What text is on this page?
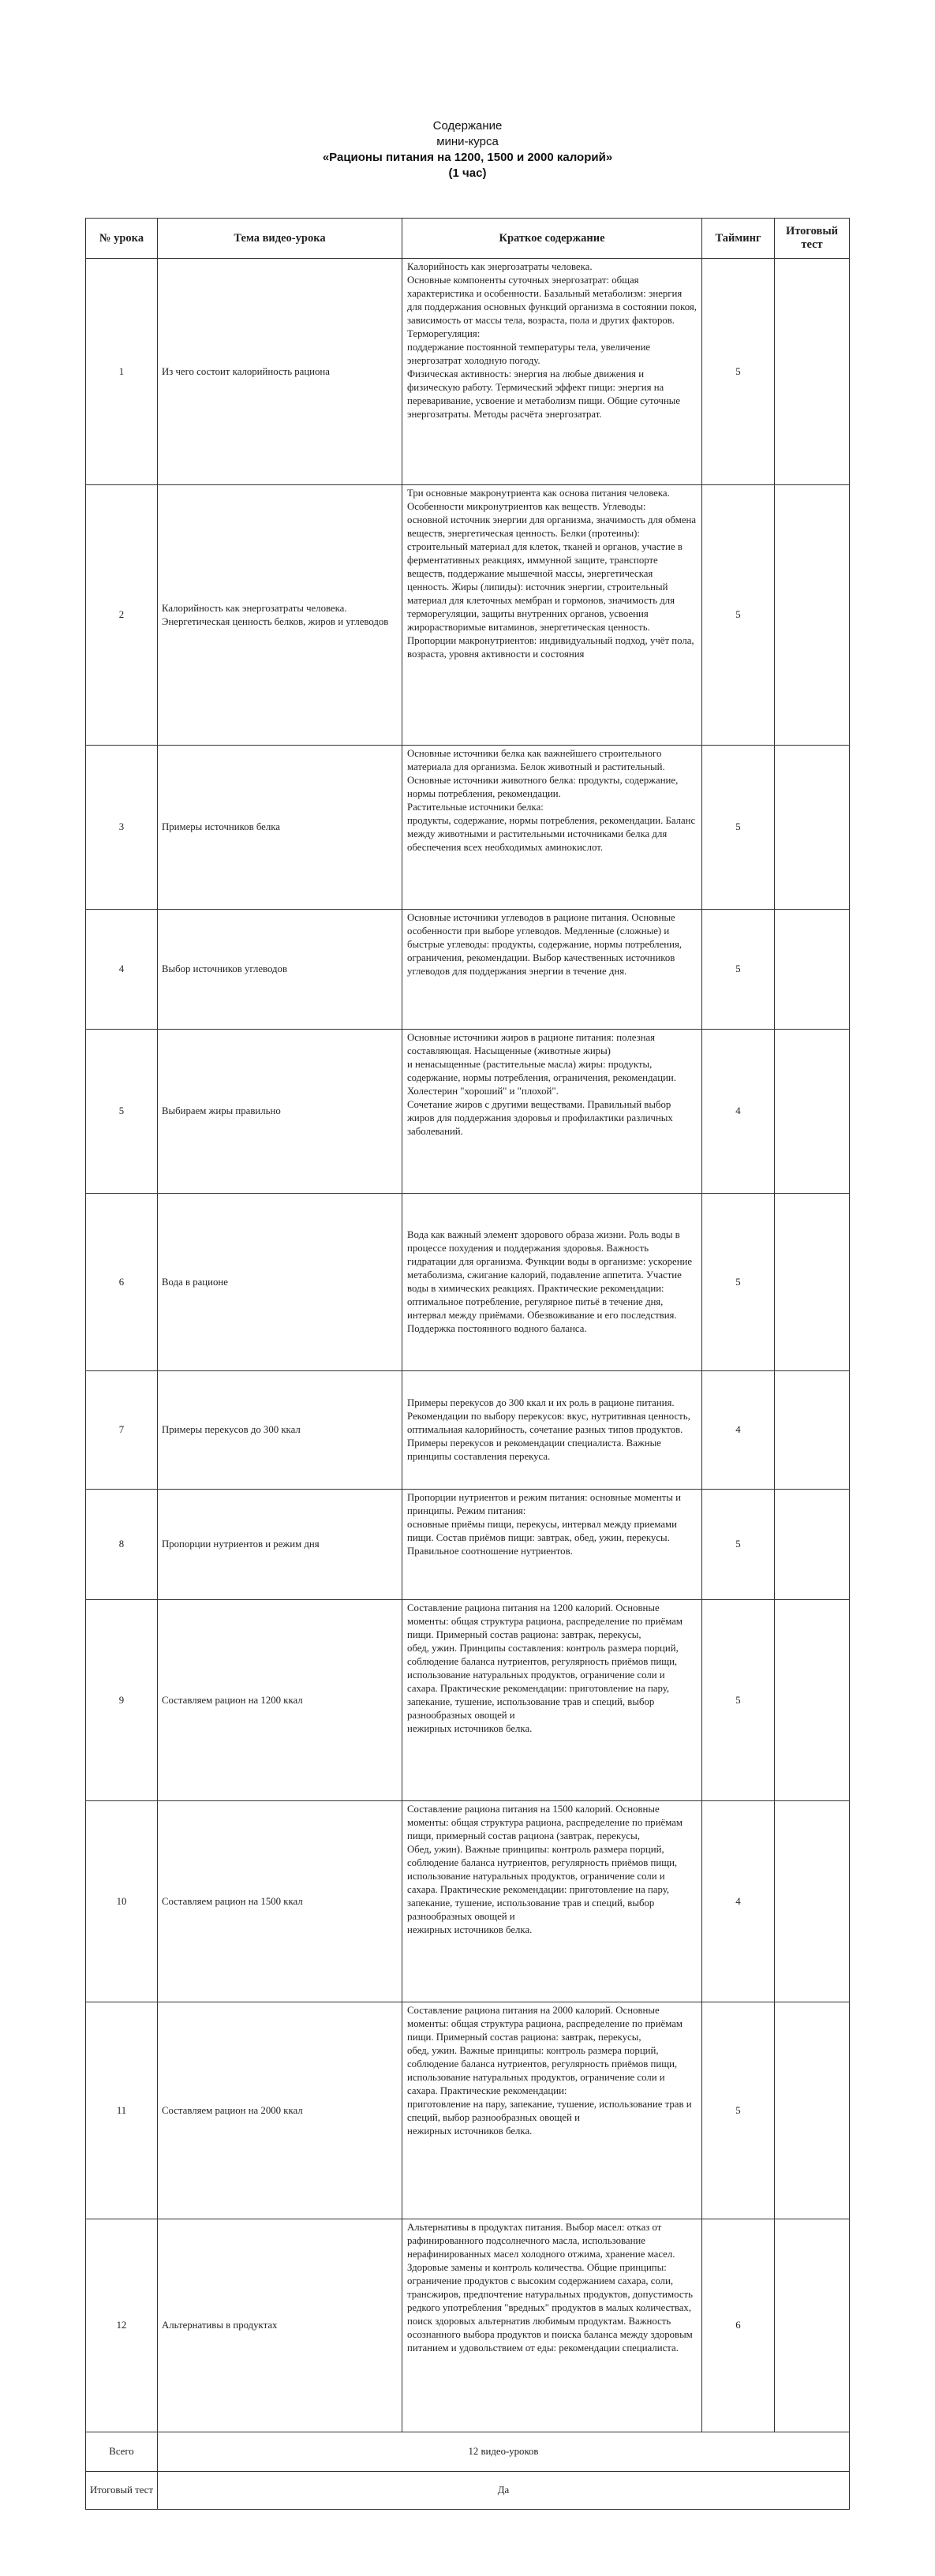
Содержание
мини-курса
«Рационы питания на 1200, 1500 и 2000 калорий»
(1 час)
№ урока	Тема видео-урока	Краткое содержание	Тайминг	Итоговый тест
1	Из чего состоит калорийность рациона	Калорийность как энергозатраты человека.
Основные компоненты суточных энергозатрат: общая характеристика и особенности. Базальный метаболизм: энергия для поддержания основных функций организма в состоянии покоя, зависимость от массы тела, возраста, пола и других факторов.
Терморегуляция:
поддержание постоянной температуры тела, увеличение энергозатрат холодную погоду.
Физическая активность: энергия на любые движения и физическую работу. Термический эффект пищи: энергия на переваривание, усвоение и метаболизм пищи. Общие суточные энергозатраты. Методы расчёта энергозатрат.	5	
2	Калорийность как энергозатраты человека. Энергетическая ценность белков, жиров и углеводов	Три основные макронутриента как основа питания человека. Особенности микронутриентов как веществ. Углеводы:
основной источник энергии для организма, значимость для обмена веществ, энергетическая ценность. Белки (протеины): строительный материал для клеток, тканей и органов, участие в ферментативных реакциях, иммунной защите, транспорте веществ, поддержание мышечной массы, энергетическая ценность. Жиры (липиды): источник энергии, строительный материал для клеточных мембран и гормонов, значимость для терморегуляции, защиты внутренних органов, усвоения жирорастворимые витаминов, энергетическая ценность. Пропорции макронутриентов: индивидуальный подход, учёт пола, возраста, уровня активности и состояния	5	
3	Примеры источников белка	Основные источники белка как важнейшего строительного материала для организма. Белок животный и растительный. Основные источники животного белка: продукты, содержание, нормы потребления, рекомендации.
Растительные источники белка:
продукты, содержание, нормы потребления, рекомендации. Баланс между животными и растительными источниками белка для обеспечения всех необходимых аминокислот.	5	
4	Выбор источников углеводов	Основные источники углеводов в рационе питания. Основные особенности при выборе углеводов. Медленные (сложные) и быстрые углеводы: продукты, содержание, нормы потребления, ограничения, рекомендации. Выбор качественных источников углеводов для поддержания энергии в течение дня.	5	
5	Выбираем жиры правильно	Основные источники жиров в рационе питания: полезная составляющая. Насыщенные (животные жиры)
и ненасыщенные (растительные масла) жиры: продукты, содержание, нормы потребления, ограничения, рекомендации. Холестерин "хороший" и "плохой".
Сочетание жиров с другими веществами. Правильный выбор жиров для поддержания здоровья и профилактики различных заболеваний.	4	
6	Вода в рационе	Вода как важный элемент здорового образа жизни. Роль воды в процессе похудения и поддержания здоровья. Важность гидратации для организма. Функции воды в организме: ускорение метаболизма, сжигание калорий, подавление аппетита. Участие воды в химических реакциях. Практические рекомендации: оптимальное потребление, регулярное питьё в течение дня, интервал между приёмами. Обезвоживание и его последствия. Поддержка постоянного водного баланса.	5	
7	Примеры перекусов до 300 ккал	Примеры перекусов до 300 ккал и их роль в рационе питания. Рекомендации по выбору перекусов: вкус, нутритивная ценность, оптимальная калорийность, сочетание разных типов продуктов. Примеры перекусов и рекомендации специалиста. Важные принципы составления перекуса.	4	
8	Пропорции нутриентов и режим дня	Пропорции нутриентов и режим питания: основные моменты и принципы. Режим питания:
основные приёмы пищи, перекусы, интервал между приемами пищи. Состав приёмов пищи: завтрак, обед, ужин, перекусы.
Правильное соотношение нутриентов.	5	
9	Составляем рацион на 1200 ккал	Составление рациона питания на 1200 калорий. Основные моменты: общая структура рациона, распределение по приёмам пищи. Примерный состав рациона: завтрак, перекусы,
обед, ужин. Принципы составления: контроль размера порций, соблюдение баланса нутриентов, регулярность приёмов пищи, использование натуральных продуктов, ограничение соли и сахара. Практические рекомендации: приготовление на пару, запекание, тушение, использование трав и специй, выбор разнообразных овощей и
нежирных источников белка.	5	
10	Составляем рацион на 1500 ккал	Составление рациона питания на 1500 калорий. Основные моменты: общая структура рациона, распределение по приёмам пищи, примерный состав рациона (завтрак, перекусы,
Обед, ужин). Важные принципы: контроль размера порций, соблюдение баланса нутриентов, регулярность приёмов пищи, использование натуральных продуктов, ограничение соли и сахара. Практические рекомендации: приготовление на пару, запекание, тушение, использование трав и специй, выбор разнообразных овощей и
нежирных источников белка.	4	
11	Составляем рацион на 2000 ккал	Составление рациона питания на 2000 калорий. Основные моменты: общая структура рациона, распределение по приёмам пищи. Примерный состав рациона: завтрак, перекусы,
обед, ужин. Важные принципы: контроль размера порций, соблюдение баланса нутриентов, регулярность приёмов пищи, использование натуральных продуктов, ограничение соли и сахара. Практические рекомендации:
приготовление на пару, запекание, тушение, использование трав и специй, выбор разнообразных овощей и
нежирных источников белка.	5	
12	Альтернативы в продуктах	Альтернативы в продуктах питания. Выбор масел: отказ от рафинированного подсолнечного масла, использование нерафинированных масел холодного отжима, хранение масел. Здоровые замены и контроль количества. Общие принципы: ограничение продуктов с высоким содержанием сахара, соли, трансжиров, предпочтение натуральных продуктов, допустимость редкого употребления "вредных" продуктов в малых количествах, поиск здоровых альтернатив любимым продуктам. Важность осознанного выбора продуктов и поиска баланса между здоровым питанием и удовольствием от еды: рекомендации специалиста.	6	
Всего	12 видео-уроков			
Итоговый тест	Да			
